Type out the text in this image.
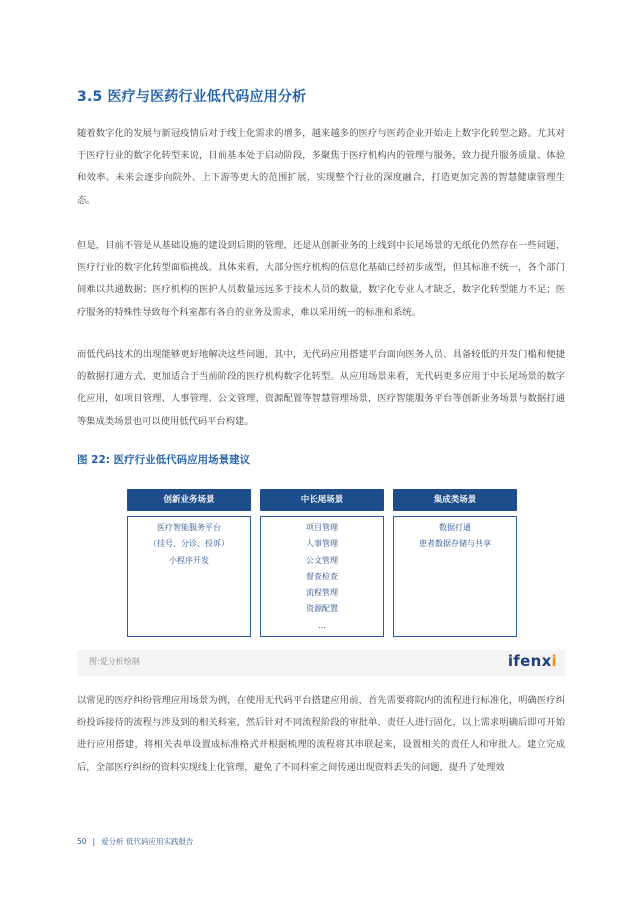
3.5 医疗与医药行业低代码应用分析
随着数字化的发展与新冠疫情后对于线上化需求的增多，越来越多的医疗与医药企业开始走上数字化转型之路。尤其对于医疗行业的数字化转型来说，目前基本处于启动阶段，多聚焦于医疗机构内的管理与服务，致力提升服务质量、体验和效率。未来会逐步向院外、上下游等更大的范围扩展，实现整个行业的深度融合，打造更加完善的智慧健康管理生态。
但是，目前不管是从基础设施的建设到后期的管理，还是从创新业务的上线到中长尾场景的无纸化仍然存在一些问题，医疗行业的数字化转型面临挑战。具体来看，大部分医疗机构的信息化基础已经初步成型，但其标准不统一，各个部门间难以共通数据；医疗机构的医护人员数量远远多于技术人员的数量，数字化专业人才缺乏，数字化转型能力不足；医疗服务的特殊性导致每个科室都有各自的业务及需求，难以采用统一的标准和系统。
而低代码技术的出现能够更好地解决这些问题，其中，无代码应用搭建平台面向医务人员、具备较低的开发门槛和便捷的数据打通方式，更加适合于当前阶段的医疗机构数字化转型。从应用场景来看，无代码更多应用于中长尾场景的数字化应用，如项目管理、人事管理、公文管理、资源配置等智慧管理场景，医疗智能服务平台等创新业务场景与数据打通等集成类场景也可以使用低代码平台构建。
图 22: 医疗行业低代码应用场景建议
创新业务场景
医疗智能服务平台
（挂号、分诊、投诉）
小程序开发
中长尾场景
项目管理
人事管理
公文管理
督查检查
流程管理
资源配置
…
集成类场景
数据打通
患者数据存储与共享
图:爱分析绘制	ifenxi
以常见的医疗纠纷管理应用场景为例，在使用无代码平台搭建应用前，首先需要将院内的流程进行标准化，明确医疗纠纷投诉接待的流程与涉及到的相关科室，然后针对不同流程阶段的审批单、责任人进行固化，以上需求明确后即可开始进行应用搭建，将相关表单设置成标准格式并根据梳理的流程将其串联起来，设置相关的责任人和审批人。建立完成后，全部医疗纠纷的资料实现线上化管理，避免了不同科室之间传递出现资料丢失的问题，提升了处理效
50 | 爱分析 低代码应用实践报告
